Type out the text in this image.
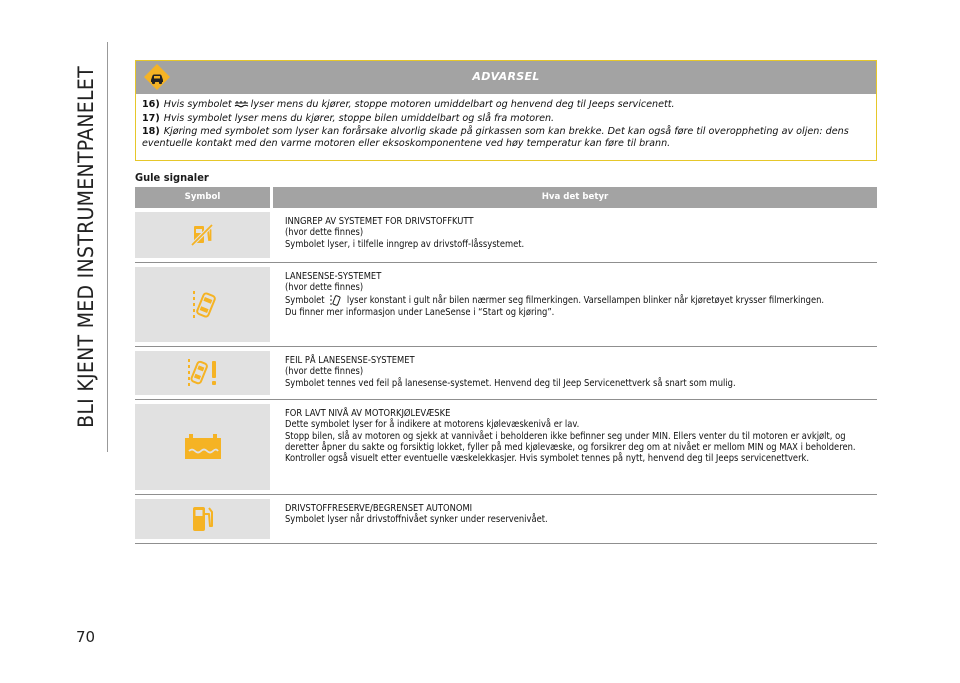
BLI KJENT MED INSTRUMENTPANELET
70
ADVARSEL
16) Hvis symbolet lyser mens du kjører, stoppe motoren umiddelbart og henvend deg til Jeeps servicenett.
17) Hvis symbolet lyser mens du kjører, stoppe bilen umiddelbart og slå fra motoren.
18) Kjøring med symbolet som lyser kan forårsake alvorlig skade på girkassen som kan brekke. Det kan også føre til overoppheting av oljen: dens eventuelle kontakt med den varme motoren eller eksoskomponentene ved høy temperatur kan føre til brann.
Gule signaler
Symbol	Hva det betyr

INNGREP AV SYSTEMET FOR DRIVSTOFFKUTT

(hvor dette finnes)

Symbolet lyser, i tilfelle inngrep av drivstoff-låssystemet.

LANESENSE-SYSTEMET

(hvor dette finnes)

Symbolet lyser konstant i gult når bilen nærmer seg filmerkingen. Varsellampen blinker når kjøretøyet krysser filmerkingen.

Du finner mer informasjon under LaneSense i “Start og kjøring”.

FEIL PÅ LANESENSE-SYSTEMET

(hvor dette finnes)

Symbolet tennes ved feil på lanesense-systemet. Henvend deg til Jeep Servicenettverk så snart som mulig.

FOR LAVT NIVÅ AV MOTORKJØLEVÆSKE

Dette symbolet lyser for å indikere at motorens kjølevæskenivå er lav.

Stopp bilen, slå av motoren og sjekk at vannivået i beholderen ikke befinner seg under MIN. Ellers venter du til motoren er avkjølt, og deretter åpner du sakte og forsiktig lokket, fyller på med kjølevæske, og forsikrer deg om at nivået er mellom MIN og MAX i beholderen. Kontroller også visuelt etter eventuelle væskelekkasjer. Hvis symbolet tennes på nytt, henvend deg til Jeeps servicenettverk.

DRIVSTOFFRESERVE/BEGRENSET AUTONOMI

Symbolet lyser når drivstoffnivået synker under reservenivået.
